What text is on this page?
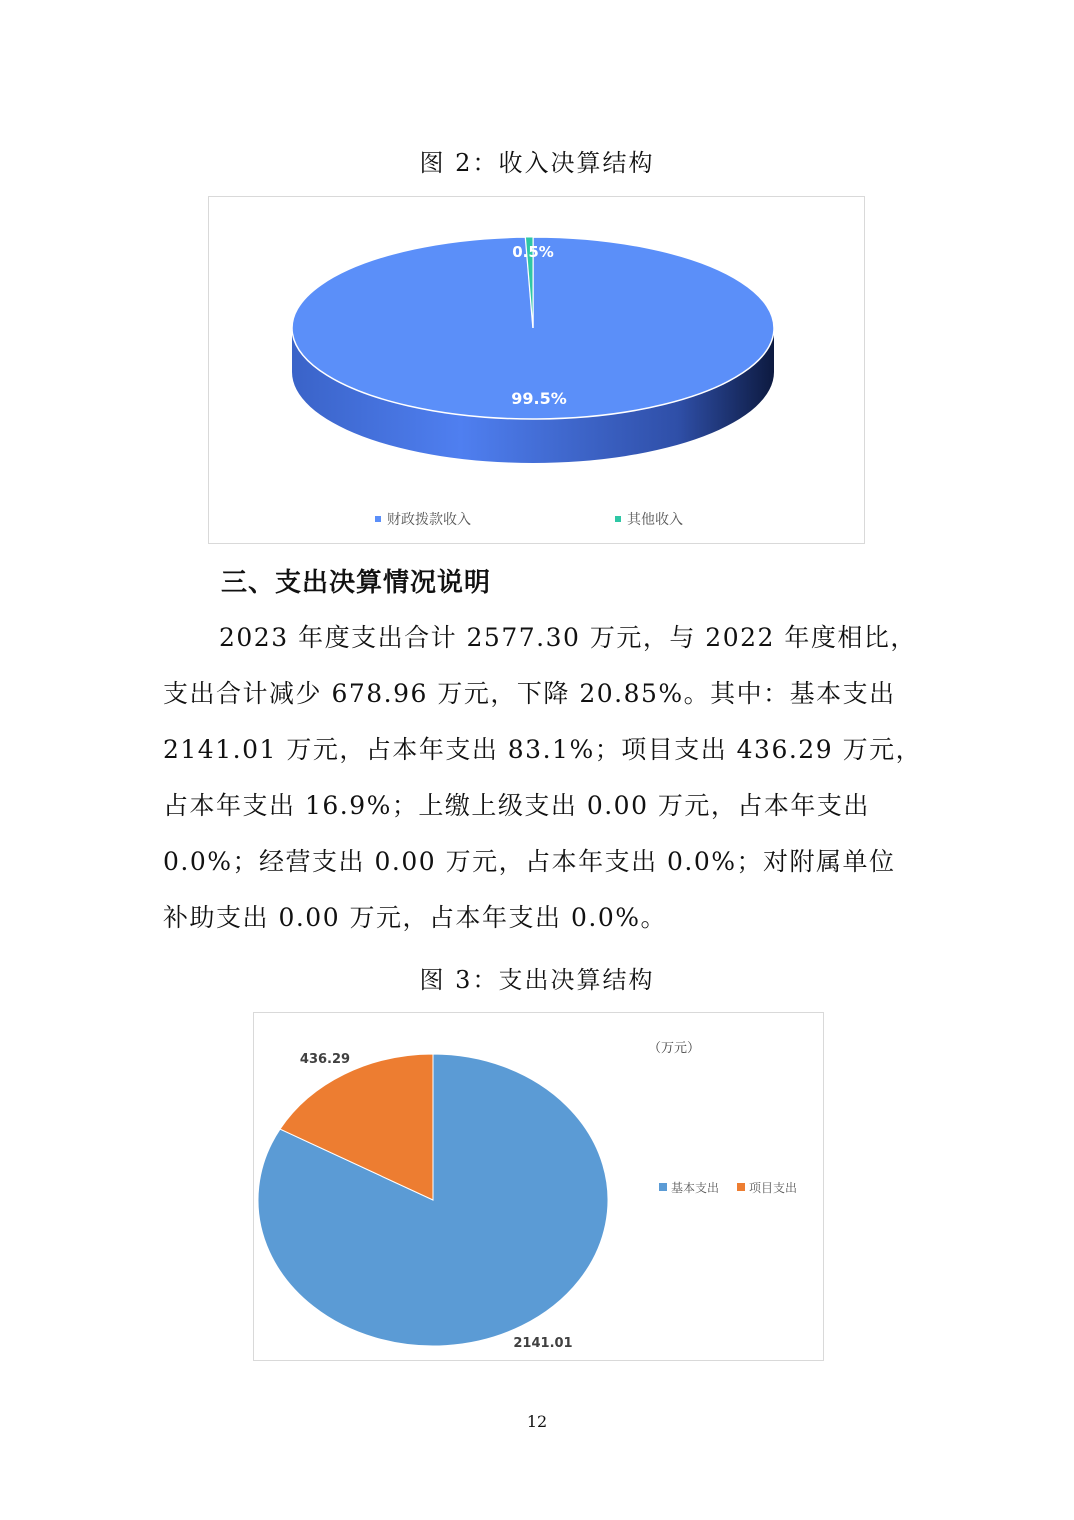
图 2：收入决算结构
99.5%
0.5%
财政拨款收入	其他收入
三、支出决算情况说明
2023 年度支出合计 2577.30 万元，与 2022 年度相比，
支出合计减少 678.96 万元，下降 20.85%。其中：基本支出
2141.01 万元，占本年支出 83.1%；项目支出 436.29 万元，
占本年支出 16.9%；上缴上级支出 0.00 万元，占本年支出
0.0%；经营支出 0.00 万元，占本年支出 0.0%；对附属单位
补助支出 0.00 万元，占本年支出 0.0%。
图 3：支出决算结构
2141.01
436.29
（万元）
基本支出 项目支出
12
